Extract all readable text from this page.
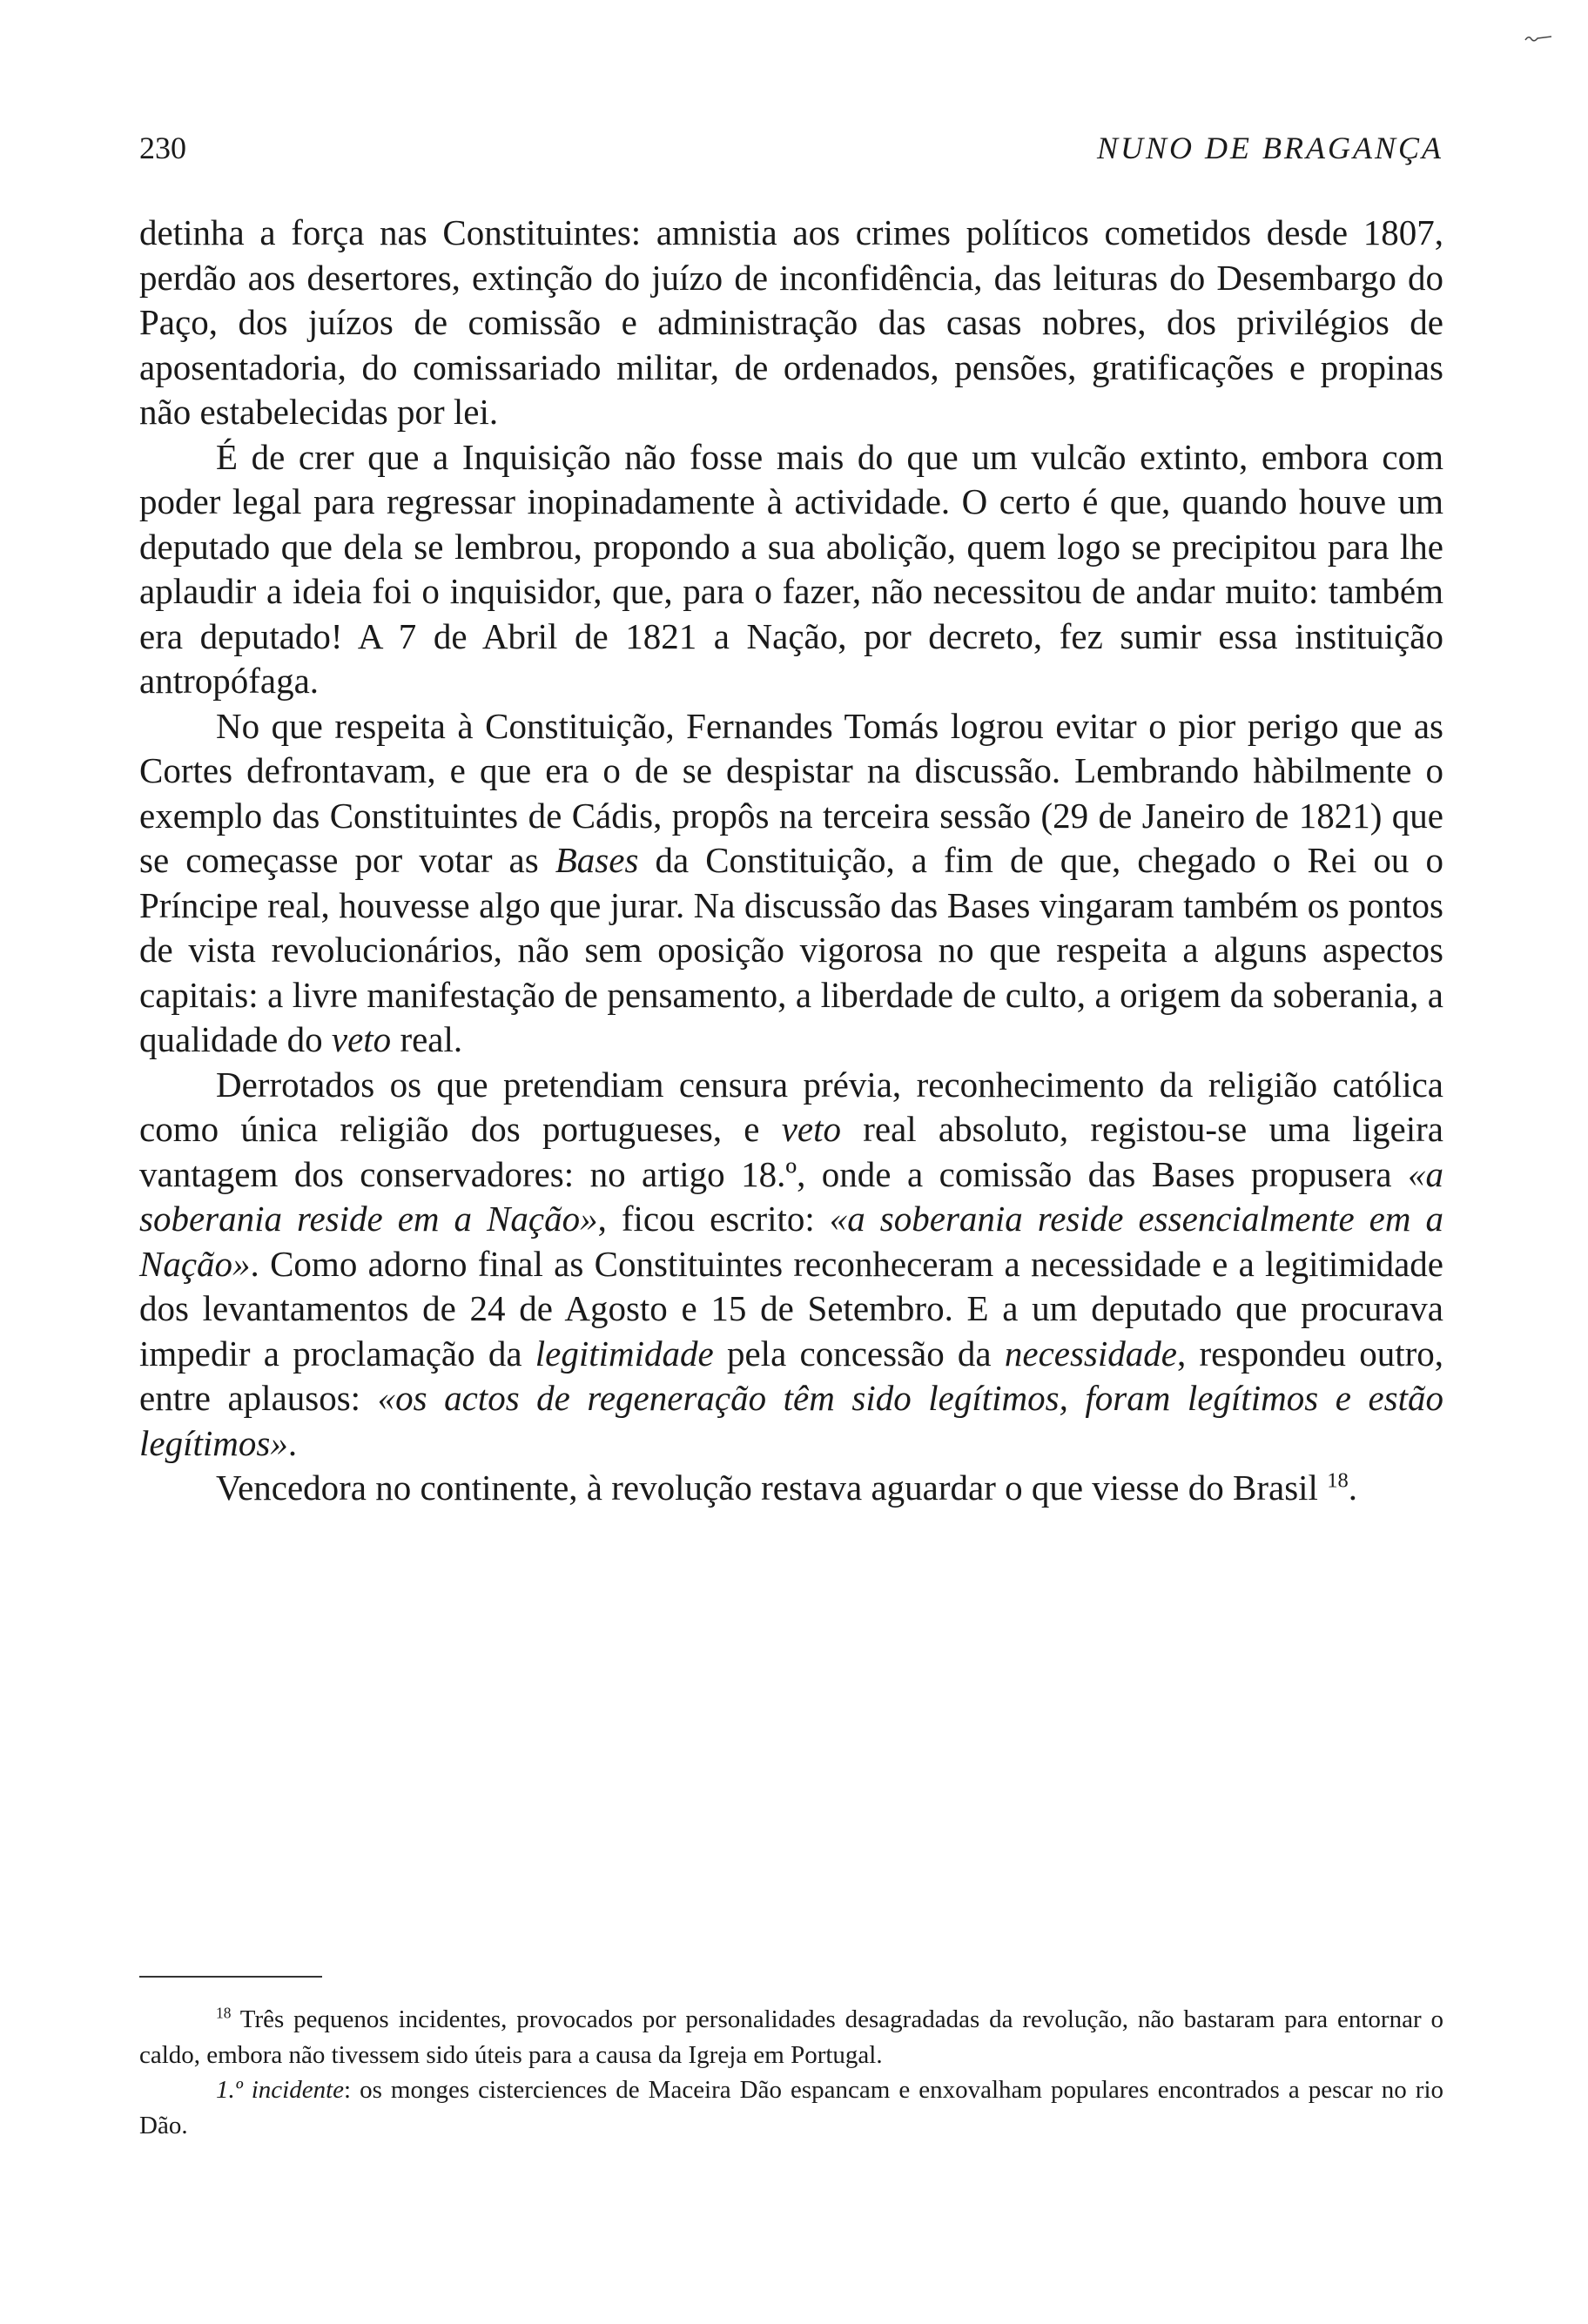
230	NUNO DE BRAGANÇA

detinha a força nas Constituintes: amnistia aos crimes políticos cometidos desde 1807, perdão aos desertores, extinção do juízo de inconfidência, das leituras do Desembargo do Paço, dos juízos de comissão e administração das casas nobres, dos privilégios de aposentadoria, do comissariado militar, de ordenados, pensões, gratificações e propinas não estabelecidas por lei.

É de crer que a Inquisição não fosse mais do que um vulcão extinto, embora com poder legal para regressar inopinadamente à actividade. O certo é que, quando houve um deputado que dela se lembrou, propondo a sua abolição, quem logo se precipitou para lhe aplaudir a ideia foi o inquisidor, que, para o fazer, não necessitou de andar muito: também era deputado! A 7 de Abril de 1821 a Nação, por decreto, fez sumir essa instituição antropófaga.

No que respeita à Constituição, Fernandes Tomás logrou evitar o pior perigo que as Cortes defrontavam, e que era o de se despistar na discussão. Lembrando hàbilmente o exemplo das Constituintes de Cádis, propôs na terceira sessão (29 de Janeiro de 1821) que se começasse por votar as Bases da Constituição, a fim de que, chegado o Rei ou o Príncipe real, houvesse algo que jurar. Na discussão das Bases vingaram também os pontos de vista revolucionários, não sem oposição vigorosa no que respeita a alguns aspectos capitais: a livre manifestação de pensamento, a liberdade de culto, a origem da soberania, a qualidade do veto real.

Derrotados os que pretendiam censura prévia, reconhecimento da religião católica como única religião dos portugueses, e veto real absoluto, registou-se uma ligeira vantagem dos conservadores: no artigo 18.º, onde a comissão das Bases propusera «a soberania reside em a Nação», ficou escrito: «a soberania reside essencialmente em a Nação». Como adorno final as Constituintes reconheceram a necessidade e a legitimidade dos levantamentos de 24 de Agosto e 15 de Setembro. E a um deputado que procurava impedir a proclamação da legitimidade pela concessão da necessidade, respondeu outro, entre aplausos: «os actos de regeneração têm sido legítimos, foram legítimos e estão legítimos».

Vencedora no continente, à revolução restava aguardar o que viesse do Brasil $^{18}$.

$^{18}$ Três pequenos incidentes, provocados por personalidades desagradadas da revolução, não bastaram para entornar o caldo, embora não tivessem sido úteis para a causa da Igreja em Portugal.

1.º incidente: os monges cisterciences de Maceira Dão espancam e enxovalham populares encontrados a pescar no rio Dão.
